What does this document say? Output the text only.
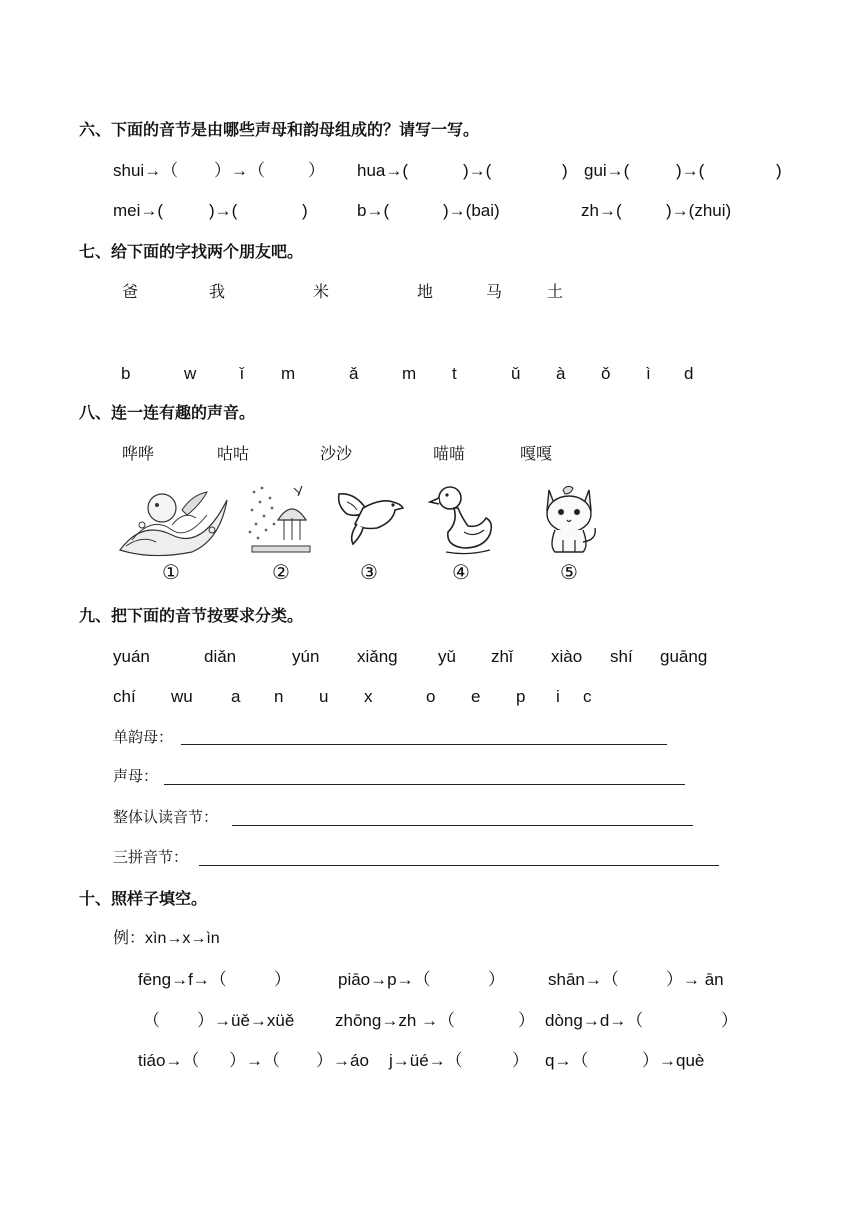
六、下面的音节是由哪些声母和韵母组成的？请写一写。
shui→（ ）→（	） hua→(	)→(	) gui→(	)→(	)
mei→(	)→(	)	b→(	)→(bai)	zh→(	)→(zhui)
七、给下面的字找两个朋友吧。
爸	我	米	地	马	土
b	w	ǐ m	ǎ	m t	ǔ à ǒ ì d
八、连一连有趣的声音。
哗哗	咕咕	沙沙	喵喵	嘎嘎
①	②	③	④	⑤
九、把下面的音节按要求分类。
yuán	diǎn	yún xiǎng yǔ zhǐ xiào shí guāng
chí wu a n u x	o e p i c
单韵母：
声母：
整体认读音节：
三拼音节：
十、照样子填空。
例：xìn→x→ìn
fēng→f→（	）	piāo→p→（	）	shān→（	）→ ān
（ ）→üě→xüě zhōng→zh →（	） dòng→d→（	）
tiáo→（ ）→（ ）→áo j→üé→（	） q→（	）→què
